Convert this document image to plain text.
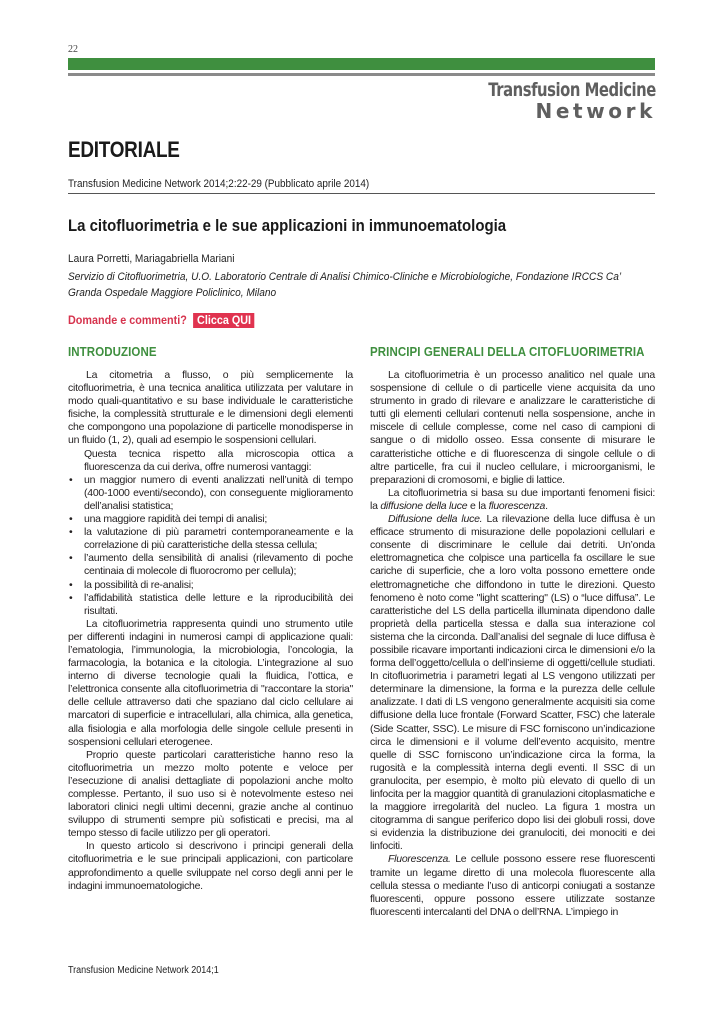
22
Transfusion Medicine
Network
EDITORIALE
Transfusion Medicine Network 2014;2:22-29 (Pubblicato aprile 2014)
La citofluorimetria e le sue applicazioni in immunoematologia
Laura Porretti, Mariagabriella Mariani
Servizio di Citofluorimetria, U.O. Laboratorio Centrale di Analisi Chimico-Cliniche e Microbiologiche, Fondazione IRCCS Ca’ Granda Ospedale Maggiore Policlinico, Milano
Domande e commenti? Clicca QUI
INTRODUZIONE

La citometria a flusso, o più semplicemente la citofluorimetria, è una tecnica analitica utilizzata per valutare in modo quali-quantitativo e su base individuale le caratteristiche fisiche, la complessità strutturale e le dimensioni degli elementi che compongono una popolazione di particelle monodisperse in un fluido (1, 2), quali ad esempio le sospensioni cellulari.

Questa tecnica rispetto alla microscopia ottica a fluorescenza da cui deriva, offre numerosi vantaggi:

• un maggior numero di eventi analizzati nell’unità di tempo (400-1000 eventi/secondo), con conseguente miglioramento dell’analisi statistica;
• una maggiore rapidità dei tempi di analisi;
• la valutazione di più parametri contemporaneamente e la correlazione di più caratteristiche della stessa cellula;
• l’aumento della sensibilità di analisi (rilevamento di poche centinaia di molecole di fluorocromo per cellula);
• la possibilità di re-analisi;
• l’affidabilità statistica delle letture e la riproducibilità dei risultati.

La citofluorimetria rappresenta quindi uno strumento utile per differenti indagini in numerosi campi di applicazione quali: l’ematologia, l’immunologia, la microbiologia, l’oncologia, la farmacologia, la botanica e la citologia. L’integrazione al suo interno di diverse tecnologie quali la fluidica, l’ottica, e l’elettronica consente alla citofluorimetria di "raccontare la storia" delle cellule attraverso dati che spaziano dal ciclo cellulare ai marcatori di superficie e intracellulari, alla chimica, alla genetica, alla fisiologia e alla morfologia delle singole cellule presenti in sospensioni cellulari eterogenee.

Proprio queste particolari caratteristiche hanno reso la citofluorimetria un mezzo molto potente e veloce per l’esecuzione di analisi dettagliate di popolazioni anche molto complesse. Pertanto, il suo uso si è notevolmente esteso nei laboratori clinici negli ultimi decenni, grazie anche al continuo sviluppo di strumenti sempre più sofisticati e precisi, ma al tempo stesso di facile utilizzo per gli operatori.

In questo articolo si descrivono i principi generali della citofluorimetria e le sue principali applicazioni, con particolare approfondimento a quelle sviluppate nel corso degli anni per le indagini immunoematologiche.

PRINCIPI GENERALI DELLA CITOFLUORIMETRIA

La citofluorimetria è un processo analitico nel quale una sospensione di cellule o di particelle viene acquisita da uno strumento in grado di rilevare e analizzare le caratteristiche di tutti gli elementi cellulari contenuti nella sospensione, anche in miscele di cellule complesse, come nel caso di campioni di sangue o di midollo osseo. Essa consente di misurare le caratteristiche ottiche e di fluorescenza di singole cellule o di altre particelle, fra cui il nucleo cellulare, i microorganismi, le preparazioni di cromosomi, e bigliе di lattice.

La citofluorimetria si basa su due importanti fenomeni fisici: la diffusione della luce e la fluorescenza.

Diffusione della luce. La rilevazione della luce diffusa è un efficace strumento di misurazione delle popolazioni cellulari e consente di discriminare le cellule dai detriti. Un’onda elettromagnetica che colpisce una particella fa oscillare le sue cariche di superficie, che a loro volta possono emettere onde elettromagnetiche che diffondono in tutte le direzioni. Questo fenomeno è noto come "light scattering" (LS) o “luce diffusa”. Le caratteristiche del LS della particella illuminata dipendono dalle proprietà della particella stessa e dalla sua interazione col sistema che la circonda. Dall’analisi del segnale di luce diffusa è possibile ricavare importanti indicazioni circa le dimensioni e/o la forma dell’oggetto/cellula o dell’insieme di oggetti/cellule studiati. In citofluorimetria i parametri legati al LS vengono utilizzati per determinare la dimensione, la forma e la purezza delle cellule analizzate. I dati di LS vengono generalmente acquisiti sia come diffusione della luce frontale (Forward Scatter, FSC) che laterale (Side Scatter, SSC). Le misure di FSC forniscono un’indicazione circa le dimensioni e il volume dell’evento acquisito, mentre quelle di SSC forniscono un’indicazione circa la forma, la rugosità e la complessità interna degli eventi. Il SSC di un granulocita, per esempio, è molto più elevato di quello di un linfocita per la maggior quantità di granulazioni citoplasmatiche e la maggiore irregolarità del nucleo. La figura 1 mostra un citogramma di sangue periferico dopo lisi dei globuli rossi, dove si evidenzia la distribuzione dei granulociti, dei monociti e dei linfociti.

Fluorescenza. Le cellule possono essere rese fluorescenti tramite un legame diretto di una molecola fluorescente alla cellula stessa o mediante l’uso di anticorpi coniugati a sostanze fluorescenti, oppure possono essere utilizzate sostanze fluorescenti intercalanti del DNA o dell’RNA. L’impiego in

Transfusion Medicine Network 2014;1
